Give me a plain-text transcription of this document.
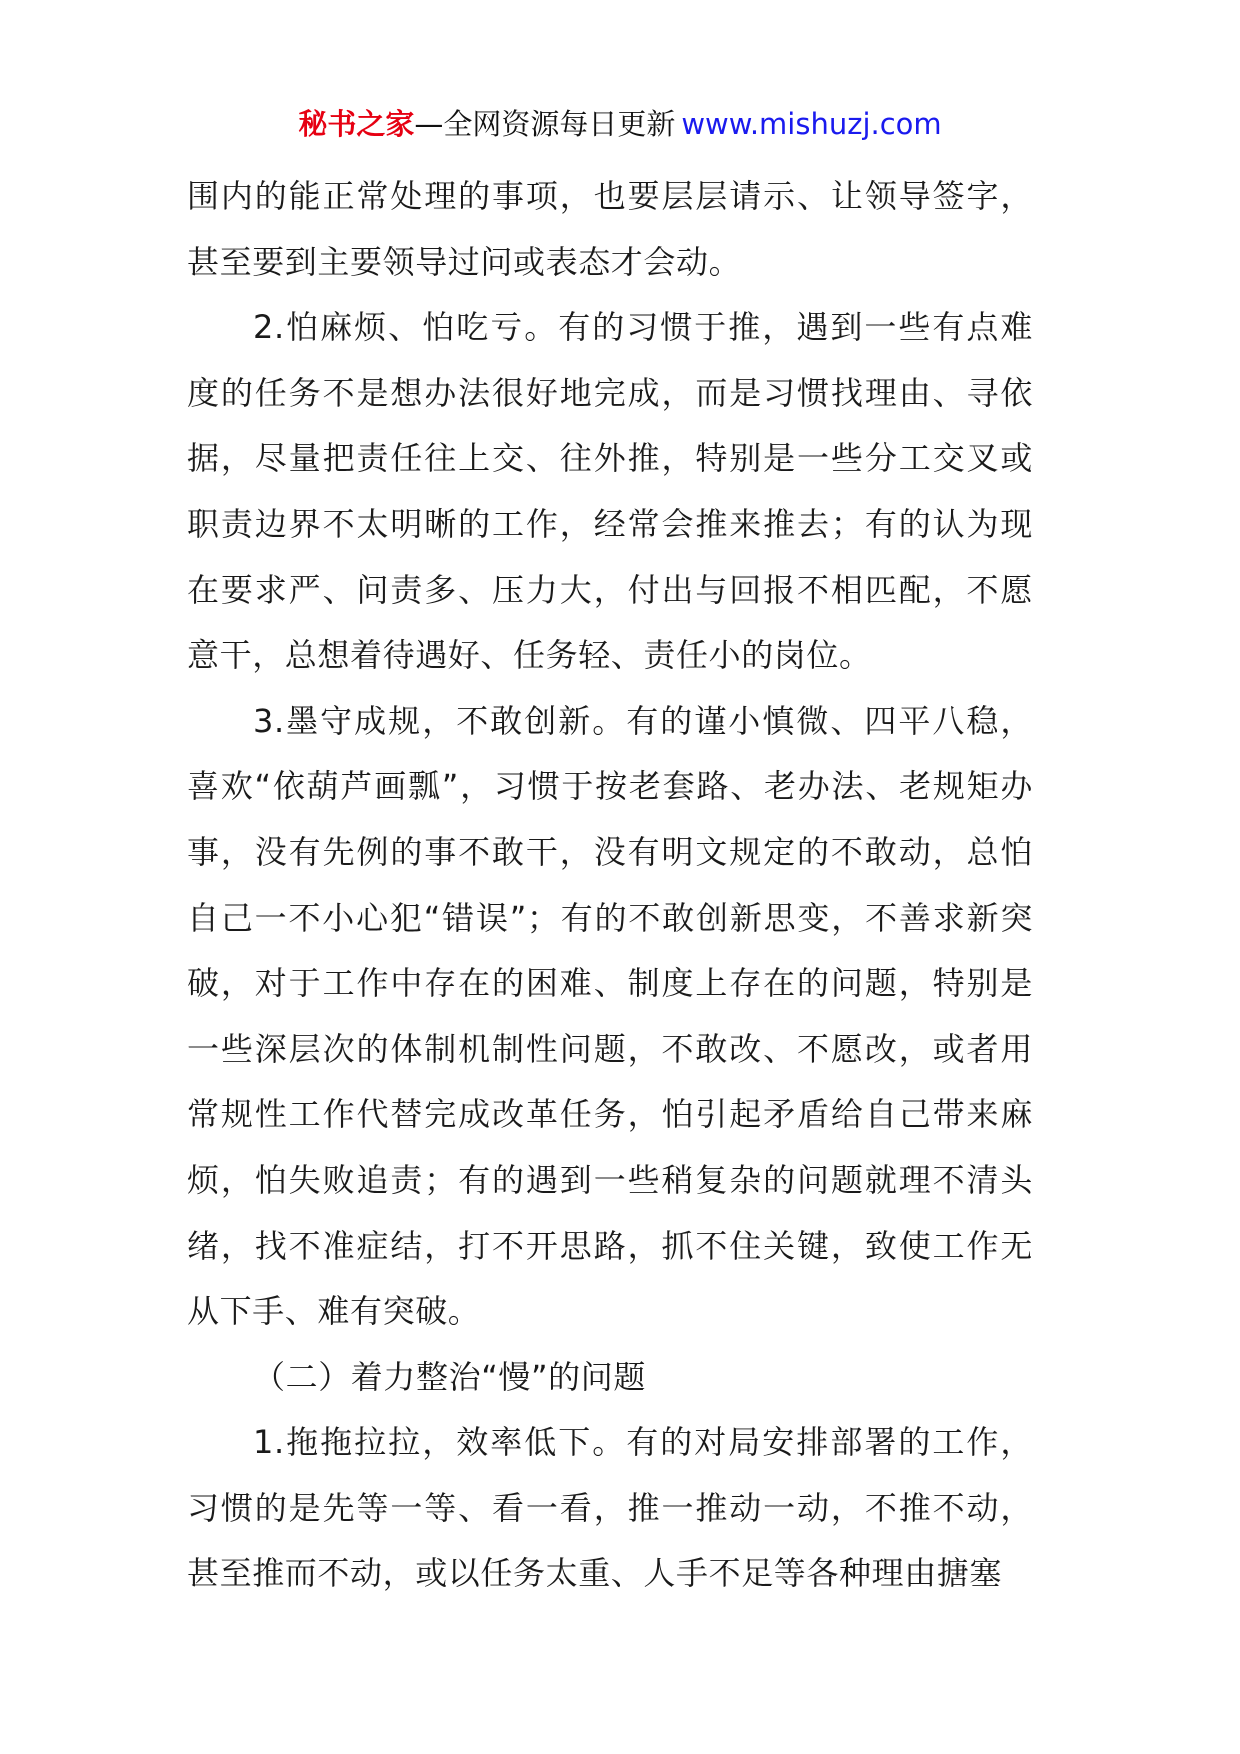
秘书之家—全网资源每日更新 www.mishuzj.com

围内的能正常处理的事项，也要层层请示、让领导签字，甚至要到主要领导过问或表态才会动。

2.怕麻烦、怕吃亏。有的习惯于推，遇到一些有点难度的任务不是想办法很好地完成，而是习惯找理由、寻依据，尽量把责任往上交、往外推，特别是一些分工交叉或职责边界不太明晰的工作，经常会推来推去；有的认为现在要求严、问责多、压力大，付出与回报不相匹配，不愿意干，总想着待遇好、任务轻、责任小的岗位。

3.墨守成规，不敢创新。有的谨小慎微、四平八稳，喜欢“依葫芦画瓢”，习惯于按老套路、老办法、老规矩办事，没有先例的事不敢干，没有明文规定的不敢动，总怕自己一不小心犯“错误”；有的不敢创新思变，不善求新突破，对于工作中存在的困难、制度上存在的问题，特别是一些深层次的体制机制性问题，不敢改、不愿改，或者用常规性工作代替完成改革任务，怕引起矛盾给自己带来麻烦，怕失败追责；有的遇到一些稍复杂的问题就理不清头绪，找不准症结，打不开思路，抓不住关键，致使工作无从下手、难有突破。

（二）着力整治“慢”的问题

1.拖拖拉拉，效率低下。有的对局安排部署的工作，习惯的是先等一等、看一看，推一推动一动，不推不动，甚至推而不动，或以任务太重、人手不足等各种理由搪塞
